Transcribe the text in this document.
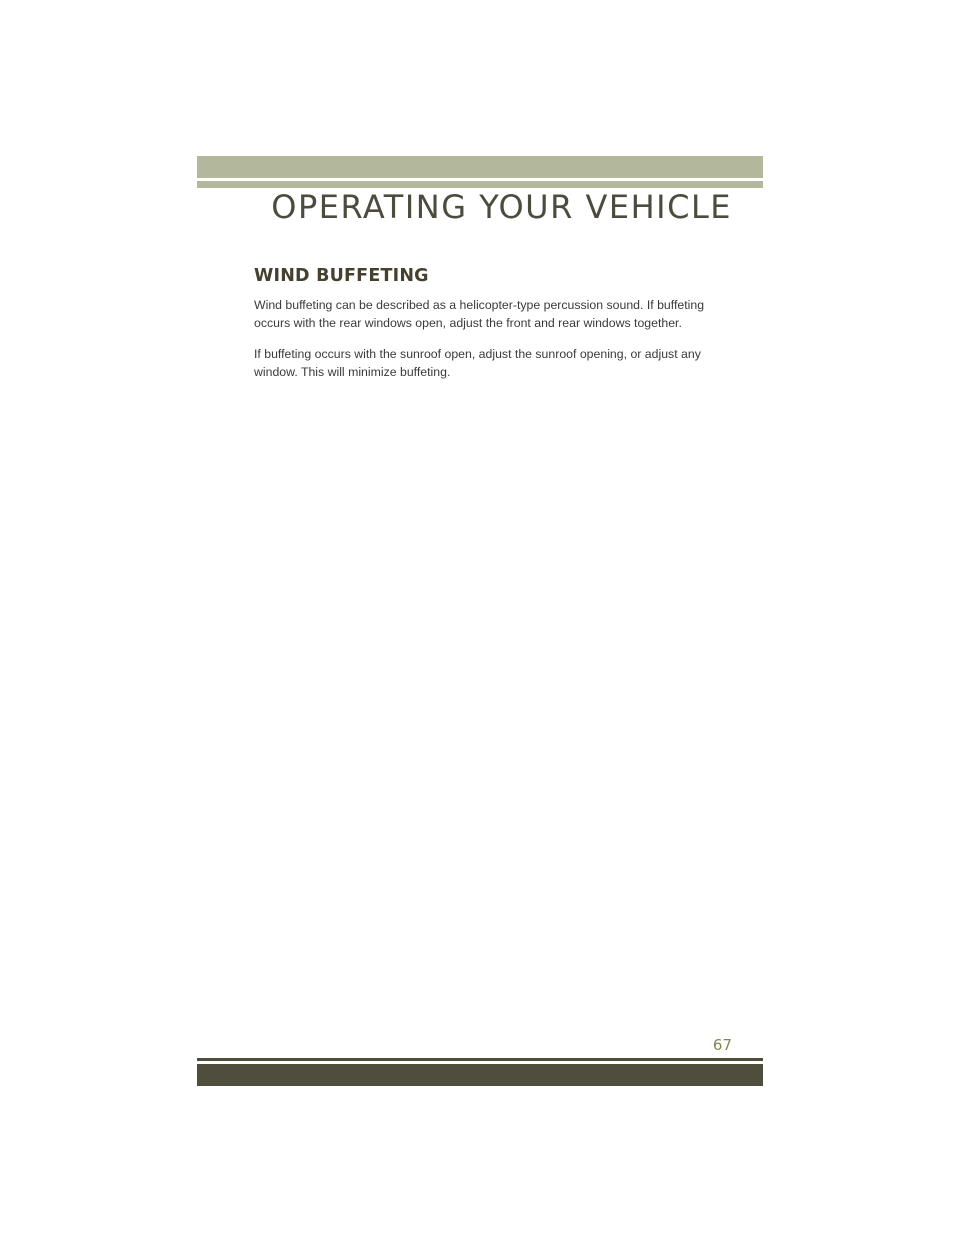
OPERATING YOUR VEHICLE
WIND BUFFETING

Wind buffeting can be described as a helicopter-type percussion sound. If buffeting occurs with the rear windows open, adjust the front and rear windows together.

If buffeting occurs with the sunroof open, adjust the sunroof opening, or adjust any window. This will minimize buffeting.

67
